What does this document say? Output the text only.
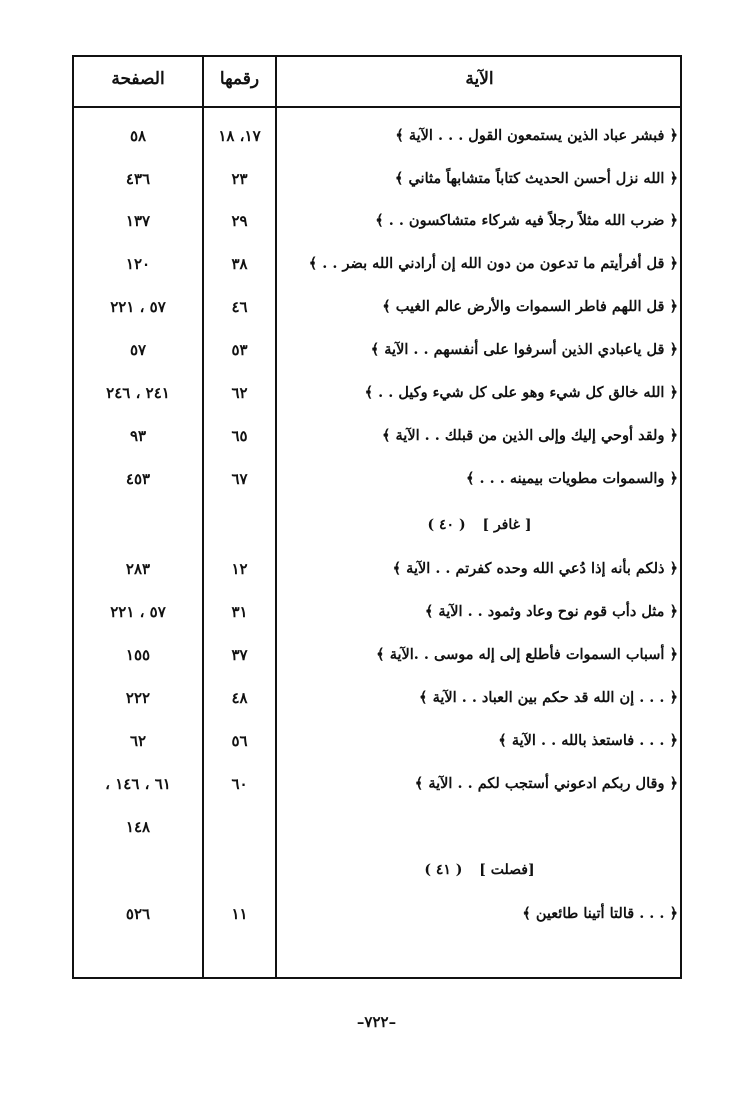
الصفحة	رقمها	الآية
٥٨	١٧، ١٨	﴿ فبشر عباد الذين يستمعون القول . . . الآية ﴾
٤٣٦	٢٣	﴿ الله نزل أحسن الحديث كتاباً متشابهاً مثاني ﴾
١٣٧	٢٩	﴿ ضرب الله مثلاً رجلاً فيه شركاء متشاكسون . . ﴾
١٢٠	٣٨	﴿ قل أفرأيتم ما تدعون من دون الله إن أرادني الله بضر . . ﴾
٥٧ ، ٢٢١	٤٦	﴿ قل اللهم فاطر السموات والأرض عالم الغيب ﴾
٥٧	٥٣	﴿ قل ياعبادي الذين أسرفوا على أنفسهم . . الآية ﴾
٢٤١ ، ٢٤٦	٦٢	﴿ الله خالق كل شيء وهو على كل شيء وكيل . . ﴾
٩٣	٦٥	﴿ ولقد أوحي إليك وإلى الذين من قبلك . . الآية ﴾
٤٥٣	٦٧	﴿ والسموات مطويات بيمينه . . . ﴾
[ غافر ] ( ٤٠ )
٢٨٣	١٢	﴿ ذلكم بأنه إذا دُعي الله وحده كفرتم . . الآية ﴾
٥٧ ، ٢٢١	٣١	﴿ مثل دأب قوم نوح وعاد وثمود . . الآية ﴾
١٥٥	٣٧	﴿ أسباب السموات فأطلع إلى إله موسى . .الآية ﴾
٢٢٢	٤٨	﴿ . . . إن الله قد حكم بين العباد . . الآية ﴾
٦٢	٥٦	﴿ . . . فاستعذ بالله . . الآية ﴾
٦١ ، ١٤٦ ،	٦٠	﴿ وقال ربكم ادعوني أستجب لكم . . الآية ﴾
١٤٨
[فصلت ] ( ٤١ )
٥٢٦	١١	﴿ . . . قالتا أتينا طائعين ﴾
–٧٢٢–
